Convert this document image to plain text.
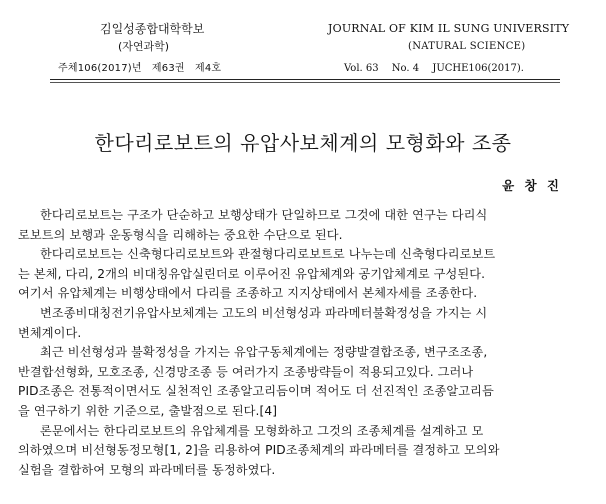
김일성종합대학학보
(자연과학)
주체106(2017)년　제63권　제4호
JOURNAL OF KIM IL SUNG UNIVERSITY
(NATURAL SCIENCE)
Vol. 63 No. 4 JUCHE106(2017).
한다리로보트의 유압사보체계의 모형화와 조종
윤 창 진
한다리로보트는 구조가 단순하고 보행상태가 단일하므로 그것에 대한 연구는 다리식
로보트의 보행과 운동형식을 리해하는 중요한 수단으로 된다.
한다리로보트는 신축형다리로보트와 관절형다리로보트로 나누는데 신축형다리로보트
는 본체, 다리, 2개의 비대칭유압실린더로 이루어진 유압체계와 공기압체계로 구성된다.
여기서 유압체계는 비행상태에서 다리를 조종하고 지지상태에서 본체자세를 조종한다.
변조종비대칭전기유압사보체계는 고도의 비선형성과 파라메터불확정성을 가지는 시
변체계이다.
최근 비선형성과 불확정성을 가지는 유압구동체계에는 정량발결합조종, 변구조조종,
반결합선형화, 모호조종, 신경망조종 등 여러가지 조종방략들이 적용되고있다. 그러나
PID조종은 전통적이면서도 실천적인 조종알고리듬이며 적어도 더 선진적인 조종알고리듬
을 연구하기 위한 기준으로, 출발점으로 된다.[4]
론문에서는 한다리로보트의 유압체계를 모형화하고 그것의 조종체계를 설계하고 모
의하였으며 비선형동정모형[1, 2]을 리용하여 PID조종체계의 파라메터를 결정하고 모의와
실험을 결합하여 모형의 파라메터를 동정하였다.
